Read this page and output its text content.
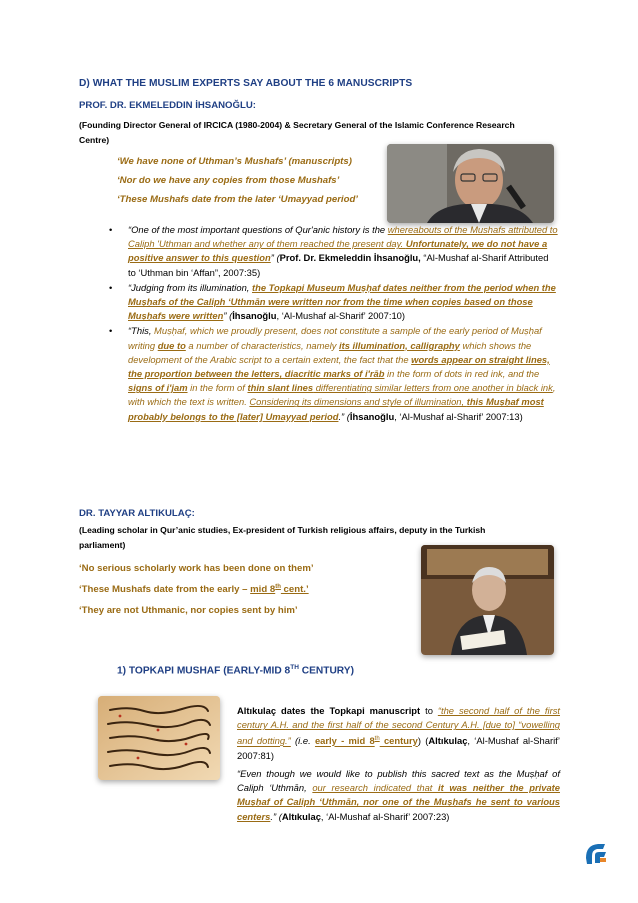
D) WHAT THE MUSLIM EXPERTS SAY ABOUT THE 6 MANUSCRIPTS
PROF. DR. EKMELEDDIN İHSANOĞLU:
(Founding Director General of IRCICA (1980-2004) & Secretary General of the Islamic Conference Research
Centre)
‘We have none of Uthman’s Mushafs’ (manuscripts)
‘Nor do we have any copies from those Mushafs’
‘These Mushafs date from the later ‘Umayyad period’
• “One of the most important questions of Qur'anic history is the whereabouts of the Mushafs attributed to Caliph 'Uthman and whether any of them reached the present day. Unfortunately, we do not have a positive answer to this question” (Prof. Dr. Ekmeleddin İhsanoğlu, “Al-Mushaf al-Sharif Attributed to ‘Uthman bin ‘Affan”, 2007:35)
• “Judging from its illumination, the Topkapi Museum Muṣḥaf dates neither from the period when the Muṣḥafs of the Caliph ‘Uthmān were written nor from the time when copies based on those Muṣḥafs were written” (İhsanoğlu, ‘Al-Mushaf al-Sharif’ 2007:10)
• “This, Muṣḥaf, which we proudly present, does not constitute a sample of the early period of Muṣḥaf writing due to a number of characteristics, namely its illumination, calligraphy which shows the development of the Arabic script to a certain extent, the fact that the words appear on straight lines, the proportion between the letters, diacritic marks of i'rāb in the form of dots in red ink, and the signs of i'jam in the form of thin slant lines differentiating similar letters from one another in black ink, with which the text is written. Considering its dimensions and style of illumination, this Muṣḥaf most probably belongs to the [later] Umayyad period.” (İhsanoğlu, ‘Al-Mushaf al-Sharif’ 2007:13)
DR. TAYYAR ALTIKULAÇ:
(Leading scholar in Qur’anic studies, Ex-president of Turkish religious affairs, deputy in the Turkish
parliament)
‘No serious scholarly work has been done on them’
‘These Mushafs date from the early – mid 8th cent.’
‘They are not Uthmanic, nor copies sent by him’
1) TOPKAPI MUSHAF (EARLY-MID 8TH CENTURY)
Altıkulaç dates the Topkapi manuscript to “the second half of the first century A.H. and the first half of the second Century A.H. [due to] “vowelling and dotting.” (i.e. early - mid 8th century) (Altıkulaç, ‘Al-Mushaf al-Sharif’ 2007:81)
“Even though we would like to publish this sacred text as the Muṣḥaf of Caliph ‘Uthmān, our research indicated that it was neither the private Muṣḥaf of Caliph ‘Uthmān, nor one of the Muṣḥafs he sent to various centers.” (Altıkulaç, ‘Al-Mushaf al-Sharif’ 2007:23)
